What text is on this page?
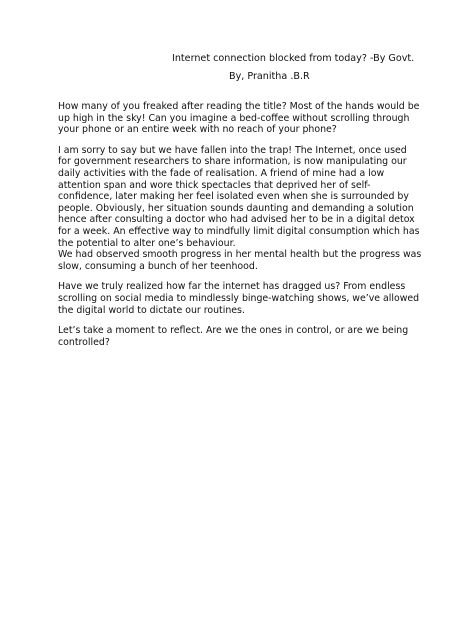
Internet connection blocked from today? -By Govt.
By, Pranitha .B.R

How many of you freaked after reading the title? Most of the hands would be up high in the sky! Can you imagine a bed-coffee without scrolling through your phone or an entire week with no reach of your phone?

I am sorry to say but we have fallen into the trap! The Internet, once used for government researchers to share information, is now manipulating our daily activities with the fade of realisation. A friend of mine had a low attention span and wore thick spectacles that deprived her of self-confidence, later making her feel isolated even when she is surrounded by people. Obviously, her situation sounds daunting and demanding a solution hence after consulting a doctor who had advised her to be in a digital detox for a week. An effective way to mindfully limit digital consumption which has the potential to alter one’s behaviour.
We had observed smooth progress in her mental health but the progress was slow, consuming a bunch of her teenhood.

Have we truly realized how far the internet has dragged us? From endless scrolling on social media to mindlessly binge-watching shows, we’ve allowed the digital world to dictate our routines.

Let’s take a moment to reflect. Are we the ones in control, or are we being controlled?
